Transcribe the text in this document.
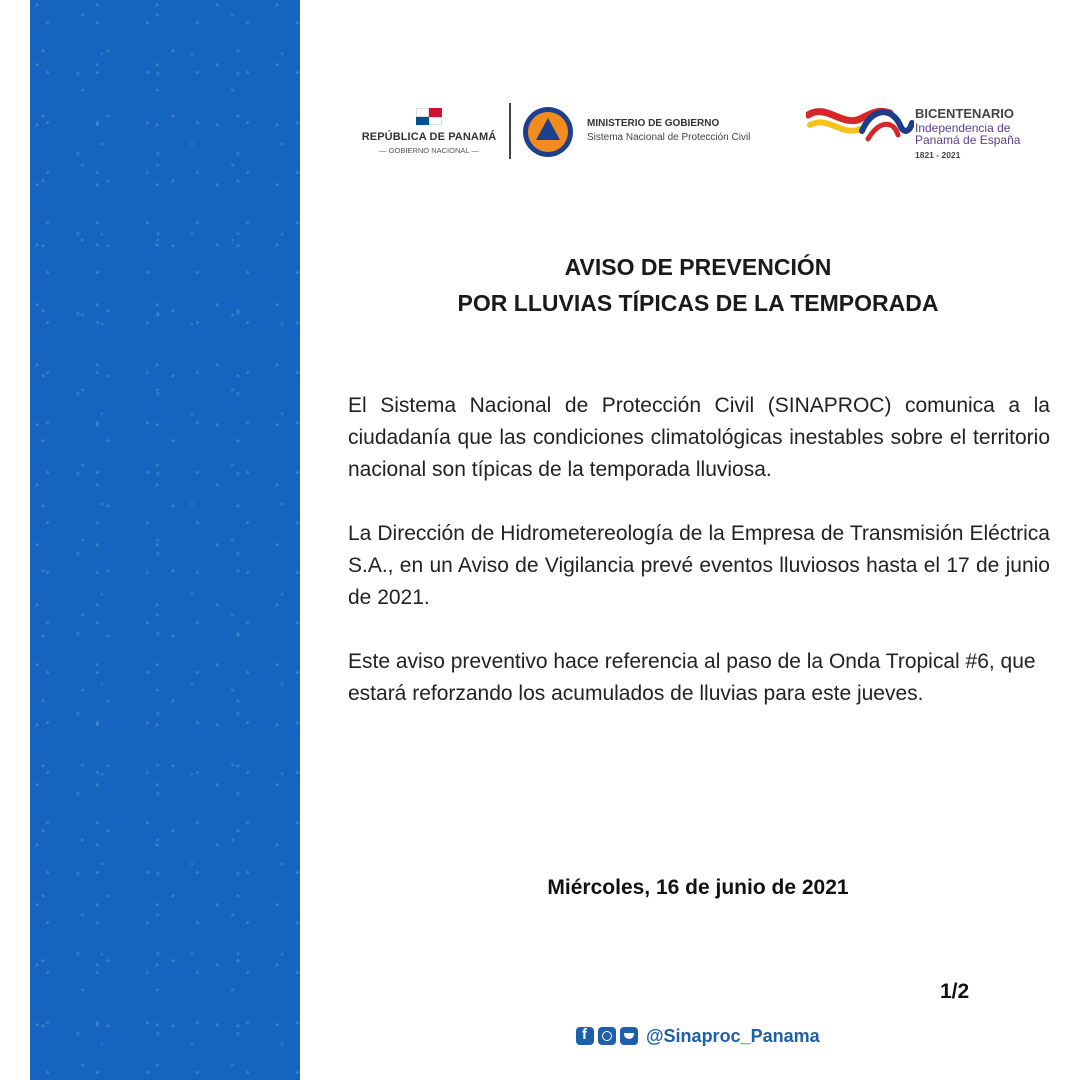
REPÚBLICA DE PANAMÁ
— GOBIERNO NACIONAL —
MINISTERIO DE GOBIERNO
Sistema Nacional de Protección Civil
BICENTENARIO
Independencia de
Panamá de España
1821 - 2021
AVISO DE PREVENCIÓN
POR LLUVIAS TÍPICAS DE LA TEMPORADA

El Sistema Nacional de Protección Civil (SINAPROC) comunica a la ciudadanía que las condiciones climatológicas inestables sobre el territorio nacional son típicas de la temporada lluviosa.

La Dirección de Hidrometereología de la Empresa de Transmisión Eléctrica S.A., en un Aviso de Vigilancia prevé eventos lluviosos hasta el 17 de junio de 2021.

Este aviso preventivo hace referencia al paso de la Onda Tropical #6, que estará reforzando los acumulados de lluvias para este jueves.

Miércoles, 16 de junio de 2021
1/2
f
@Sinaproc_Panama
